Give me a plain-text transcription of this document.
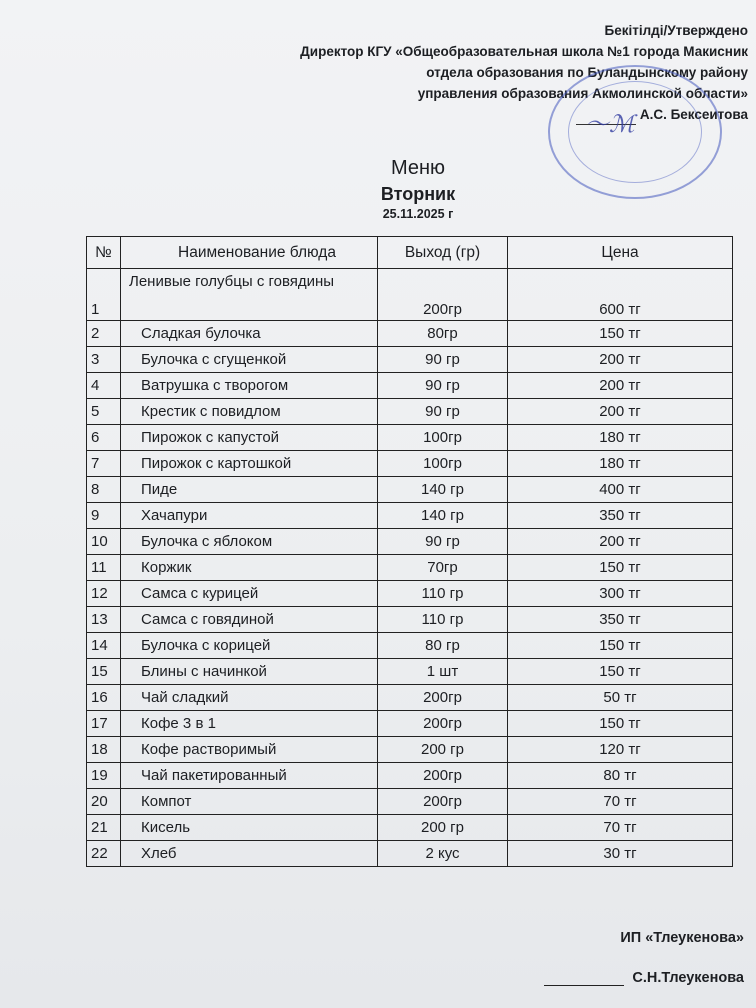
Бекітілді/Утверждено
Директор КГУ «Общеобразовательная школа №1 города Макисник
отдела образования по Буландынскому району
управления образования Акмолинской области»
А.С. Бексеитова
〜ℳ
Меню
Вторник
25.11.2025 г
№	Наименование блюда	Выход (гр)	Цена
1	Ленивые голубцы с говядины	200гр	600 тг
2	Сладкая булочка	80гр	150 тг
3	Булочка с сгущенкой	90 гр	200 тг
4	Ватрушка с творогом	90 гр	200 тг
5	Крестик с повидлом	90 гр	200 тг
6	Пирожок с капустой	100гр	180 тг
7	Пирожок с картошкой	100гр	180 тг
8	Пиде	140 гр	400 тг
9	Хачапури	140 гр	350 тг
10	Булочка с яблоком	90 гр	200 тг
11	Коржик	70гр	150 тг
12	Самса с курицей	110 гр	300 тг
13	Самса с говядиной	110 гр	350 тг
14	Булочка с корицей	80 гр	150 тг
15	Блины с начинкой	1 шт	150 тг
16	Чай сладкий	200гр	50 тг
17	Кофе 3 в 1	200гр	150 тг
18	Кофе растворимый	200 гр	120 тг
19	Чай пакетированный	200гр	80 тг
20	Компот	200гр	70 тг
21	Кисель	200 гр	70 тг
22	Хлеб	2 кус	30 тг
ИП «Тлеукенова»
С.Н.Тлеукенова
